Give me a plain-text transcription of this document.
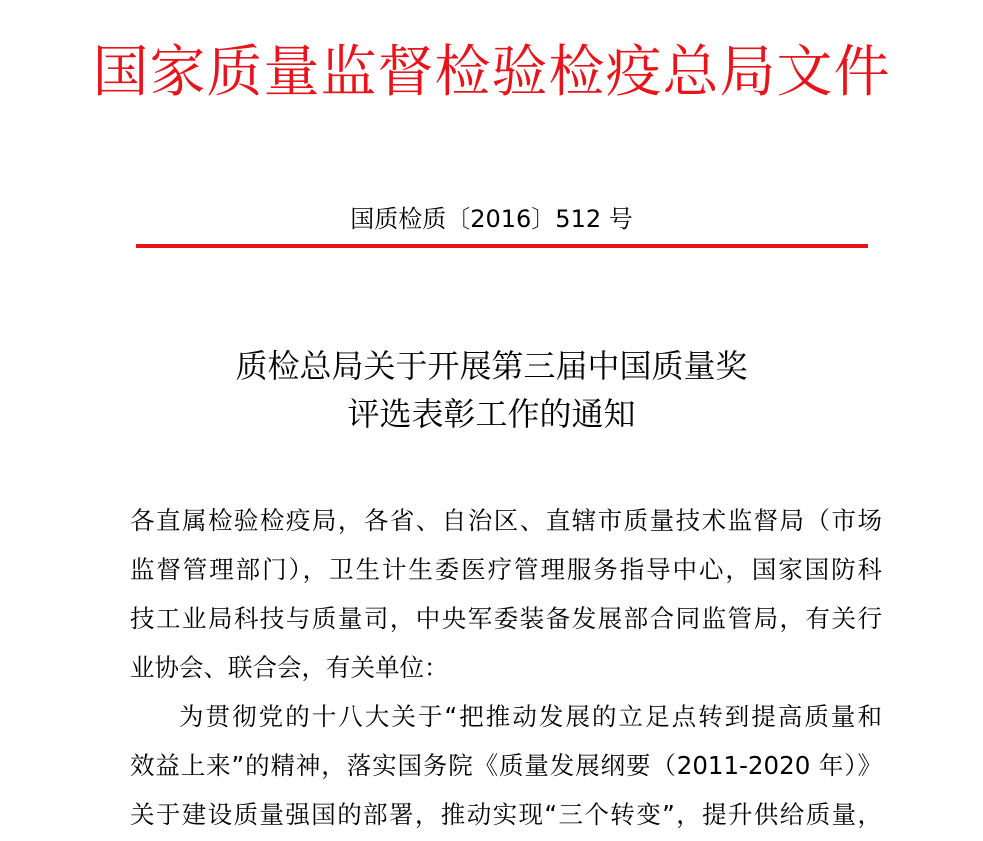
国家质量监督检验检疫总局文件
国质检质〔2016〕512 号
质检总局关于开展第三届中国质量奖
评选表彰工作的通知
各直属检验检疫局，各省、自治区、直辖市质量技术监督局（市场
监督管理部门），卫生计生委医疗管理服务指导中心，国家国防科
技工业局科技与质量司，中央军委装备发展部合同监管局，有关行
业协会、联合会，有关单位：
为贯彻党的十八大关于“把推动发展的立足点转到提高质量和
效益上来”的精神，落实国务院《质量发展纲要（2011-2020 年）》
关于建设质量强国的部署，推动实现“三个转变”，提升供给质量，
